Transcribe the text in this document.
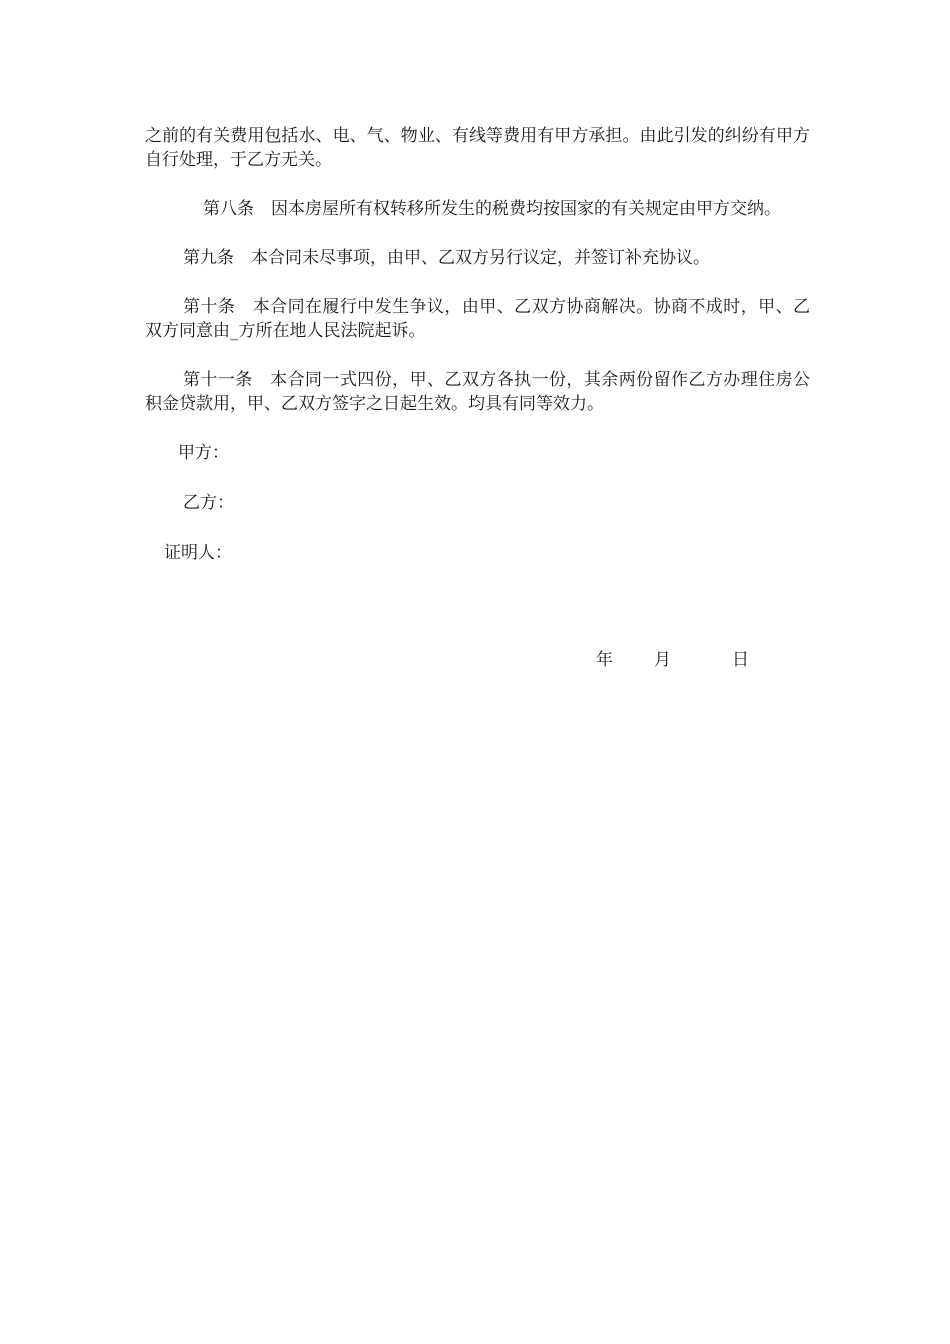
之前的有关费用包括水、电、气、物业、有线等费用有甲方承担。由此引发的纠纷有甲方自行处理，于乙方无关。

第八条　因本房屋所有权转移所发生的税费均按国家的有关规定由甲方交纳。

第九条　本合同未尽事项，由甲、乙双方另行议定，并签订补充协议。

第十条　本合同在履行中发生争议，由甲、乙双方协商解决。协商不成时，甲、乙双方同意由_方所在地人民法院起诉。

第十一条　本合同一式四份，甲、乙双方各执一份，其余两份留作乙方办理住房公积金贷款用，甲、乙双方签字之日起生效。均具有同等效力。

甲方：
乙方：
证明人：
年 月	日
